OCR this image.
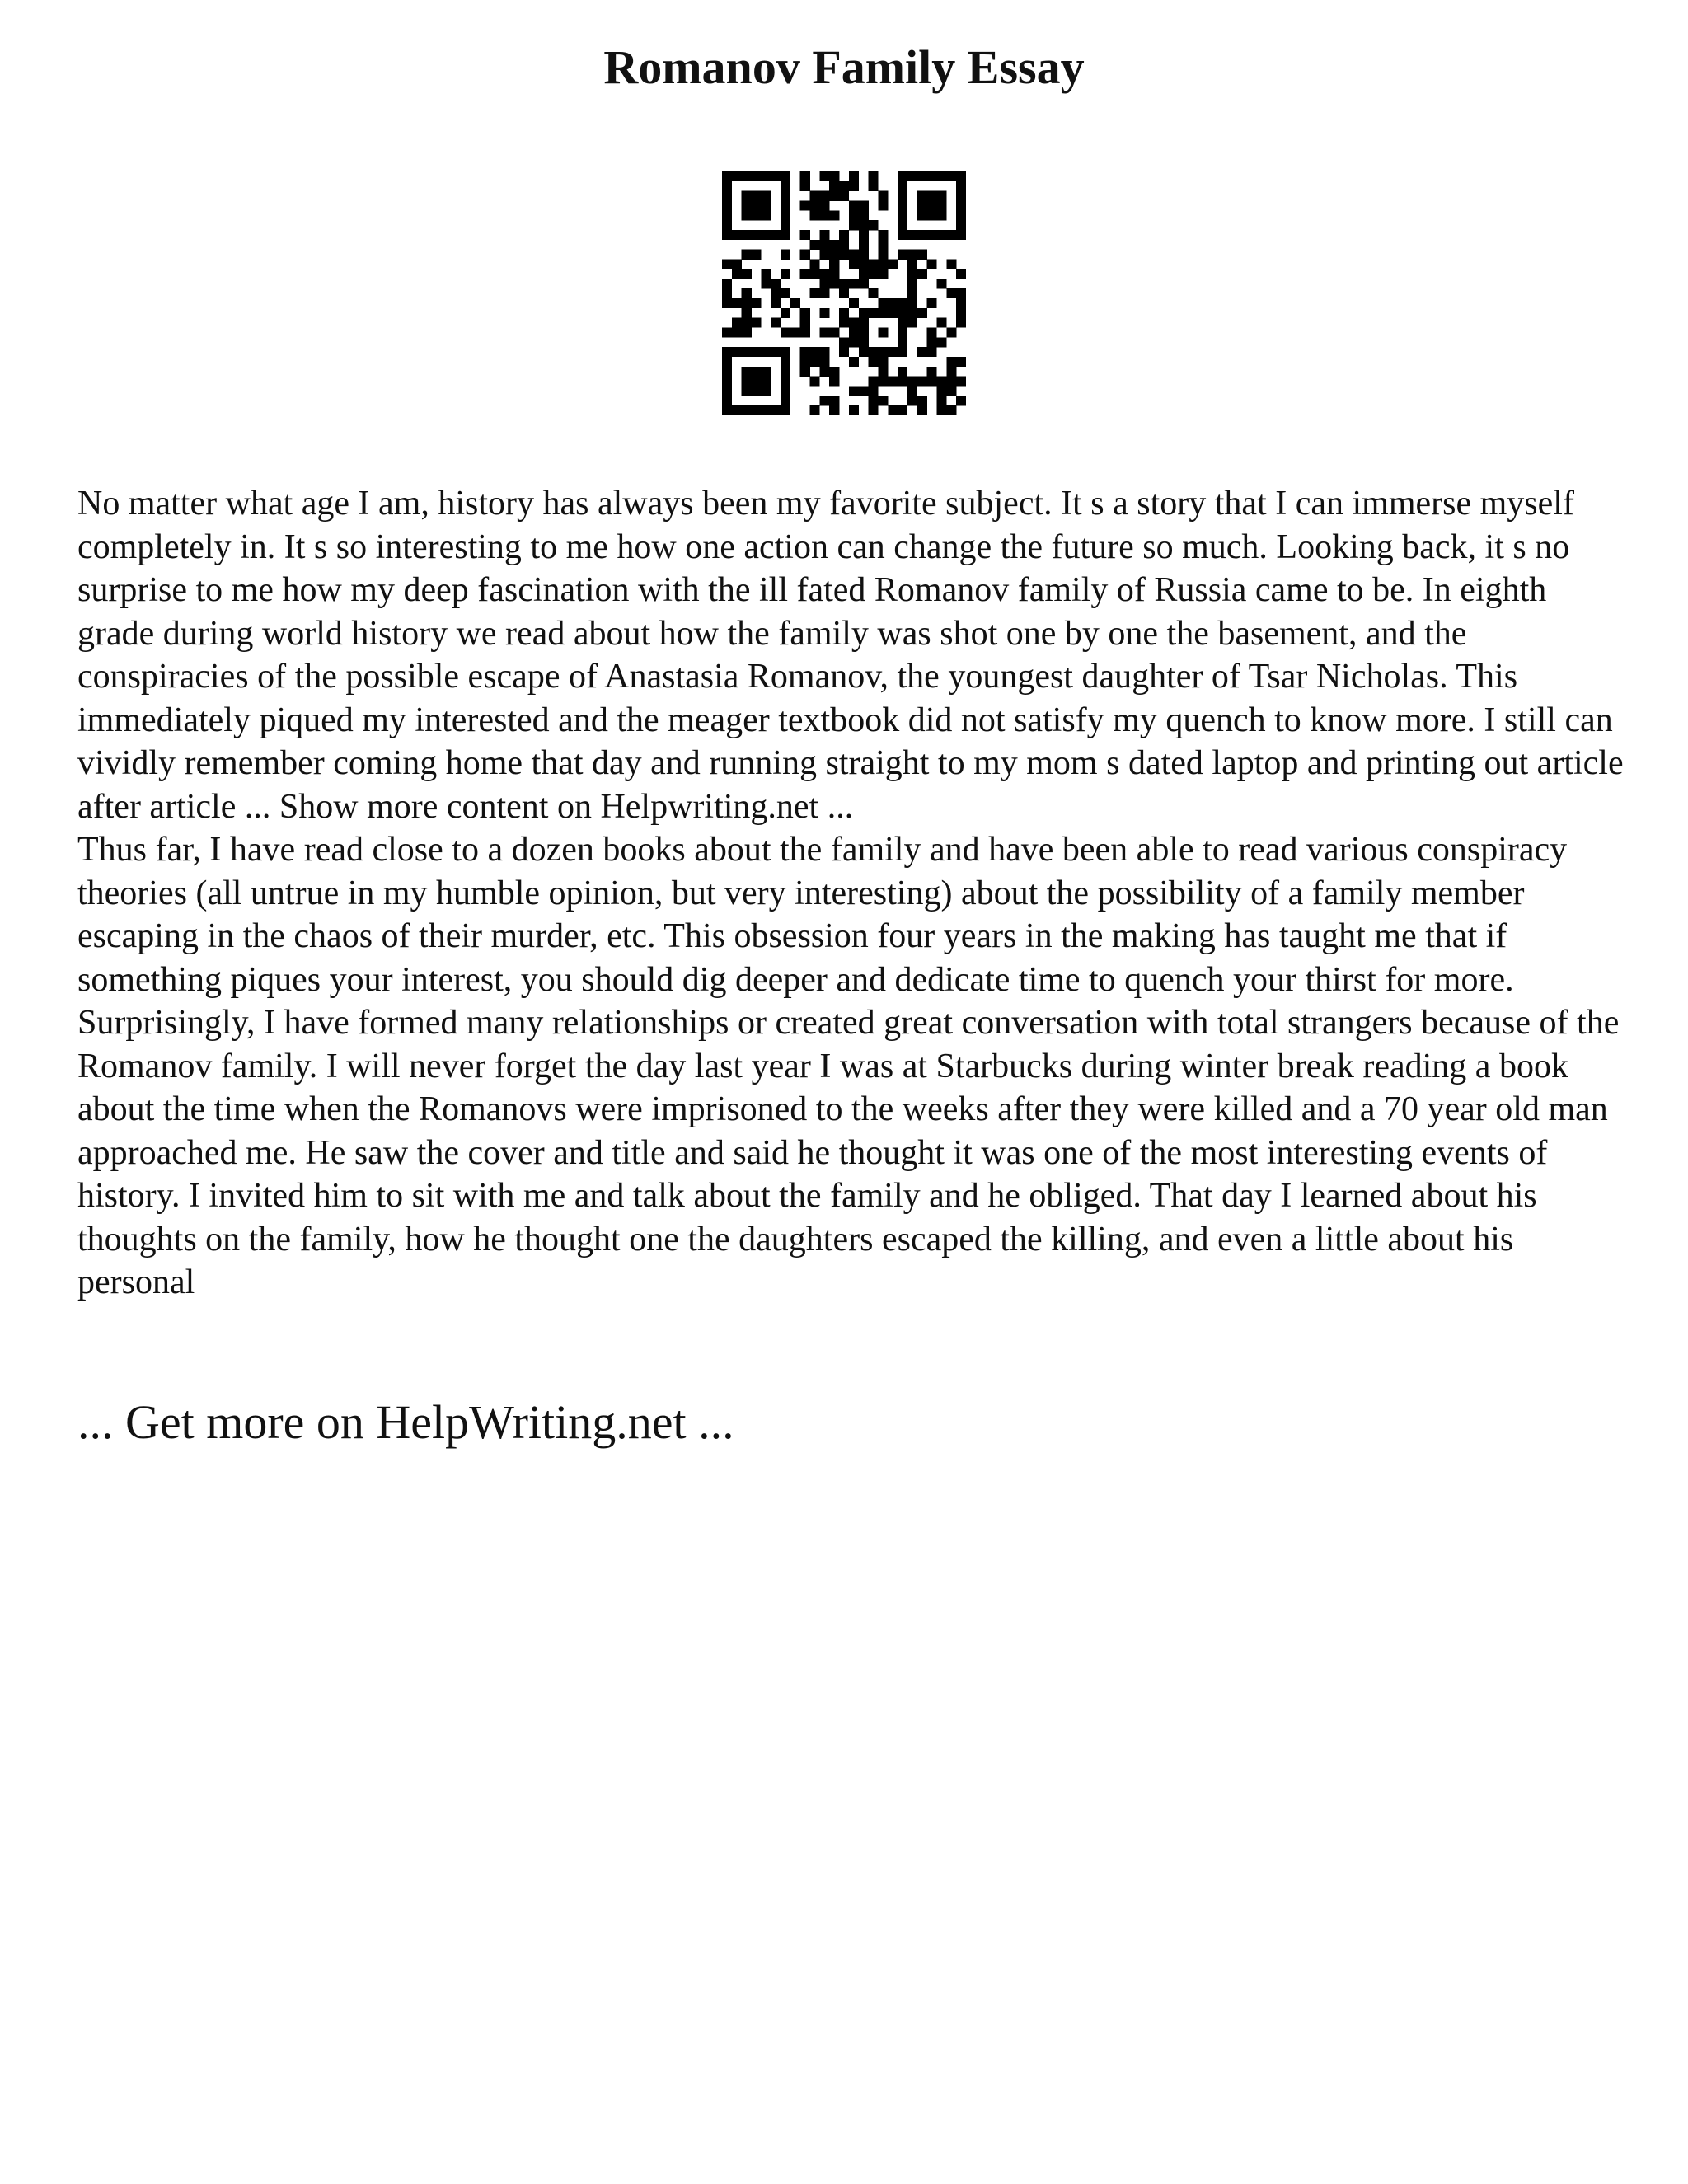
Romanov Family Essay

No matter what age I am, history has always been my favorite subject. It s a story that I can immerse myself completely in. It s so interesting to me how one action can change the future so much. Looking back, it s no surprise to me how my deep fascination with the ill fated Romanov family of Russia came to be. In eighth grade during world history we read about how the family was shot one by one the basement, and the conspiracies of the possible escape of Anastasia Romanov, the youngest daughter of Tsar Nicholas. This immediately piqued my interested and the meager textbook did not satisfy my quench to know more. I still can vividly remember coming home that day and running straight to my mom s dated laptop and printing out article after article ... Show more content on Helpwriting.net ...

Thus far, I have read close to a dozen books about the family and have been able to read various conspiracy theories (all untrue in my humble opinion, but very interesting) about the possibility of a family member escaping in the chaos of their murder, etc. This obsession four years in the making has taught me that if something piques your interest, you should dig deeper and dedicate time to quench your thirst for more. Surprisingly, I have formed many relationships or created great conversation with total strangers because of the Romanov family. I will never forget the day last year I was at Starbucks during winter break reading a book about the time when the Romanovs were imprisoned to the weeks after they were killed and a 70 year old man approached me. He saw the cover and title and said he thought it was one of the most interesting events of history. I invited him to sit with me and talk about the family and he obliged. That day I learned about his thoughts on the family, how he thought one the daughters escaped the killing, and even a little about his personal

... Get more on HelpWriting.net ...
